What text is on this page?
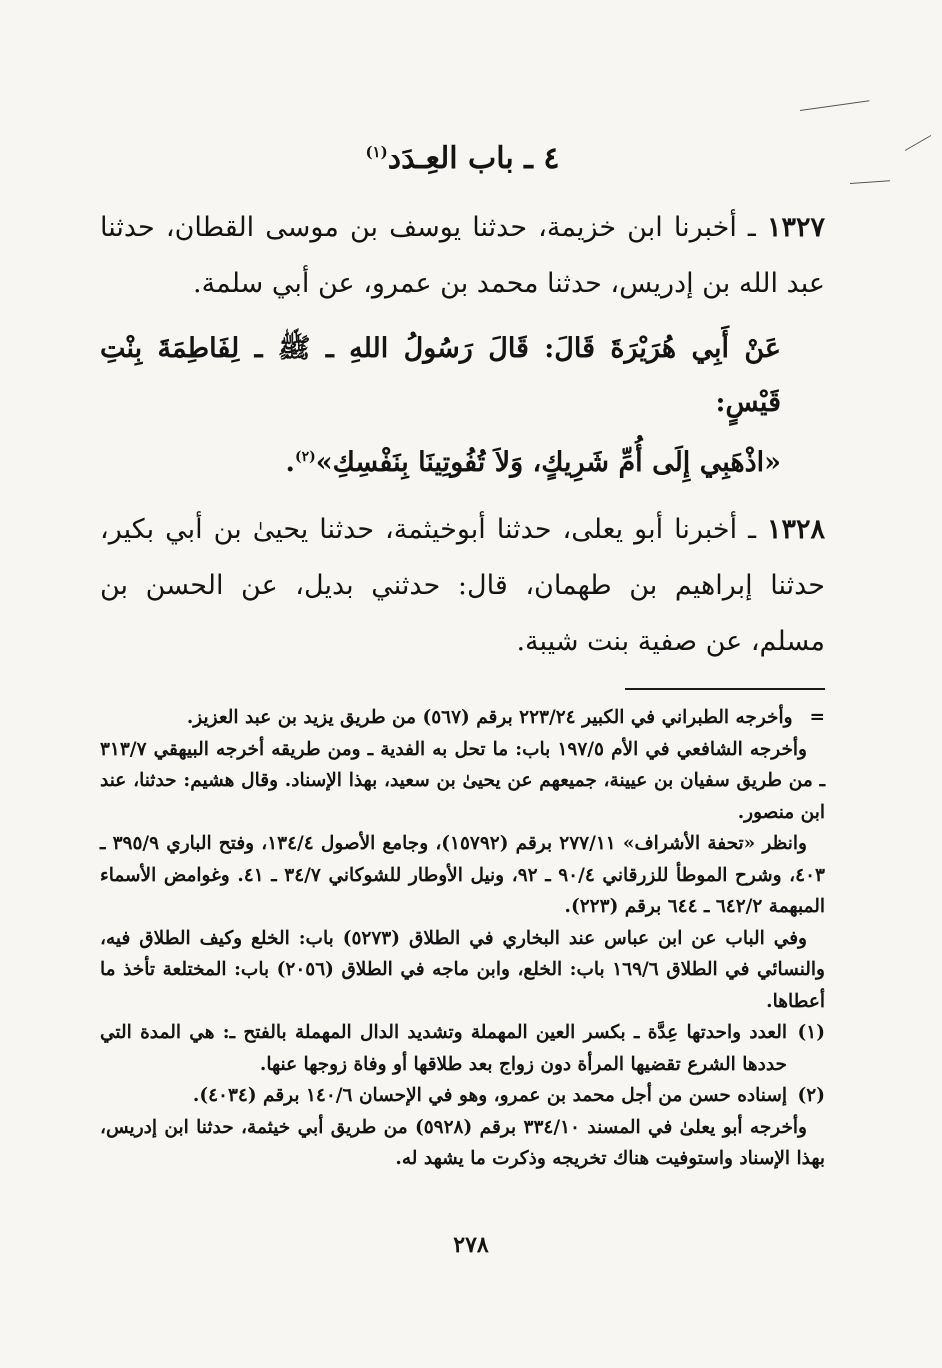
٤ ـ باب العِـدَد$^{(١)}$

١٣٢٧ ـ أخبرنا ابن خزيمة، حدثنا يوسف بن موسى القطان، حدثنا عبد الله بن إدريس، حدثنا محمد بن عمرو، عن أبي سلمة.

عَنْ أَبِي هُرَيْرَةَ قَالَ: قَالَ رَسُولُ اللهِ ـ ﷺ ـ لِفَاطِمَةَ بِنْتِ قَيْسٍ:
«اذْهَبِي إِلَى أُمِّ شَرِيكٍ، وَلاَ تُفُوتِينَا بِنَفْسِكِ»$^{(٢)}$.

١٣٢٨ ـ أخبرنا أبو يعلى، حدثنا أبوخيثمة، حدثنا يحيىٰ بن أبي بكير، حدثنا إبراهيم بن طهمان، قال: حدثني بديل، عن الحسن بن مسلم، عن صفية بنت شيبة.

= وأخرجه الطبراني في الكبير ٢٢٣/٢٤ برقم (٥٦٧) من طريق يزيد بن عبد العزيز.

وأخرجه الشافعي في الأم ١٩٧/٥ باب: ما تحل به الفدية ـ ومن طريقه أخرجه البيهقي ٣١٣/٧ ـ من طريق سفيان بن عيينة، جميعهم عن يحيىٰ بن سعيد، بهذا الإسناد. وقال هشيم: حدثنا، عند ابن منصور.

وانظر «تحفة الأشراف» ٢٧٧/١١ برقم (١٥٧٩٢)، وجامع الأصول ١٣٤/٤، وفتح الباري ٣٩٥/٩ ـ ٤٠٣، وشرح الموطأ للزرقاني ٩٠/٤ ـ ٩٢، ونيل الأوطار للشوكاني ٣٤/٧ ـ ٤١. وغوامض الأسماء المبهمة ٦٤٢/٢ ـ ٦٤٤ برقم (٢٢٣).

وفي الباب عن ابن عباس عند البخاري في الطلاق (٥٢٧٣) باب: الخلع وكيف الطلاق فيه، والنسائي في الطلاق ١٦٩/٦ باب: الخلع، وابن ماجه في الطلاق (٢٠٥٦) باب: المختلعة تأخذ ما أعطاها.

(١)
العدد واحدتها عِدَّة ـ بكسر العين المهملة وتشديد الدال المهملة بالفتح ـ: هي المدة التي حددها الشرع تقضيها المرأة دون زواج بعد طلاقها أو وفاة زوجها عنها.

(٢)
إسناده حسن من أجل محمد بن عمرو، وهو في الإحسان ١٤٠/٦ برقم (٤٠٣٤).

وأخرجه أبو يعلىٰ في المسند ٣٣٤/١٠ برقم (٥٩٢٨) من طريق أبي خيثمة، حدثنا ابن إدريس، بهذا الإسناد واستوفيت هناك تخريجه وذكرت ما يشهد له.

٢٧٨
